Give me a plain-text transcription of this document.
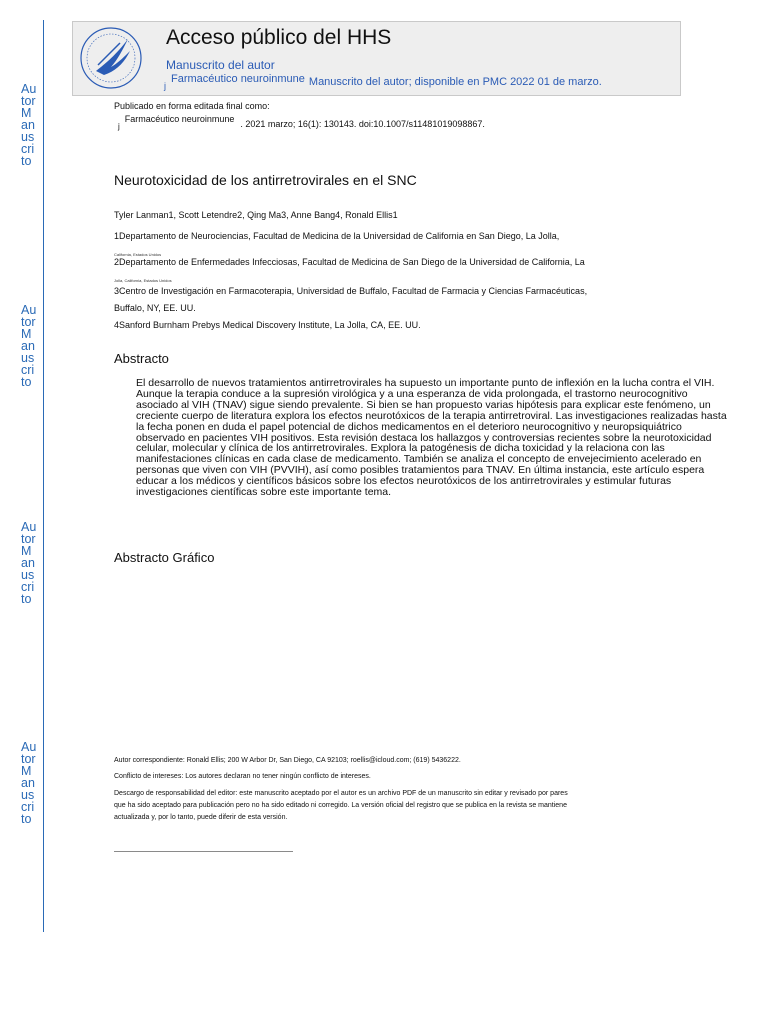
Au
tor
M
an
us
cri
to
Au
tor
M
an
us
cri
to
Au
tor
M
an
us
cri
to
Au
tor
M
an
us
cri
to
Acceso público del HHS
Manuscrito del autor
$_j$Farmacéutico neuroinmune Manuscrito del autor; disponible en PMC 2022 01 de marzo.
Publicado en forma editada final como:
jFarmacéutico neuroinmune . 2021 marzo; 16(1): 130143. doi:10.1007/s11481019098867.
Neurotoxicidad de los antirretrovirales en el SNC
Tyler Lanman1, Scott Letendre2, Qing Ma3, Anne Bang4, Ronald Ellis1
1Departamento de Neurociencias, Facultad de Medicina de la Universidad de California en San Diego, La Jolla,
California, Estados Unidos
2Departamento de Enfermedades Infecciosas, Facultad de Medicina de San Diego de la Universidad de California, La
Jolla, California, Estados Unidos
3Centro de Investigación en Farmacoterapia, Universidad de Buffalo, Facultad de Farmacia y Ciencias Farmacéuticas,
Buffalo, NY, EE. UU.
4Sanford Burnham Prebys Medical Discovery Institute, La Jolla, CA, EE. UU.
Abstracto
El desarrollo de nuevos tratamientos antirretrovirales ha supuesto un importante punto de inflexión en la lucha contra el VIH. Aunque la terapia conduce a la supresión virológica y a una esperanza de vida prolongada, el trastorno neurocognitivo asociado al VIH (TNAV) sigue siendo prevalente. Si bien se han propuesto varias hipótesis para explicar este fenómeno, un creciente cuerpo de literatura explora los efectos neurotóxicos de la terapia antirretroviral. Las investigaciones realizadas hasta la fecha ponen en duda el papel potencial de dichos medicamentos en el deterioro neurocognitivo y neuropsiquiátrico observado en pacientes VIH positivos. Esta revisión destaca los hallazgos y controversias recientes sobre la neurotoxicidad celular, molecular y clínica de los antirretrovirales. Explora la patogénesis de dicha toxicidad y la relaciona con las manifestaciones clínicas en cada clase de medicamento. También se analiza el concepto de envejecimiento acelerado en personas que viven con VIH (PVVIH), así como posibles tratamientos para TNAV. En última instancia, este artículo espera educar a los médicos y científicos básicos sobre los efectos neurotóxicos de los antirretrovirales y estimular futuras investigaciones científicas sobre este importante tema.
Abstracto Gráfico
Autor correspondiente: Ronald Ellis; 200 W Arbor Dr, San Diego, CA 92103; roellis@icloud.com; (619) 5436222.
Conflicto de intereses: Los autores declaran no tener ningún conflicto de intereses.
Descargo de responsabilidad del editor: este manuscrito aceptado por el autor es un archivo PDF de un manuscrito sin editar y revisado por pares
que ha sido aceptado para publicación pero no ha sido editado ni corregido. La versión oficial del registro que se publica en la revista se mantiene
actualizada y, por lo tanto, puede diferir de esta versión.
